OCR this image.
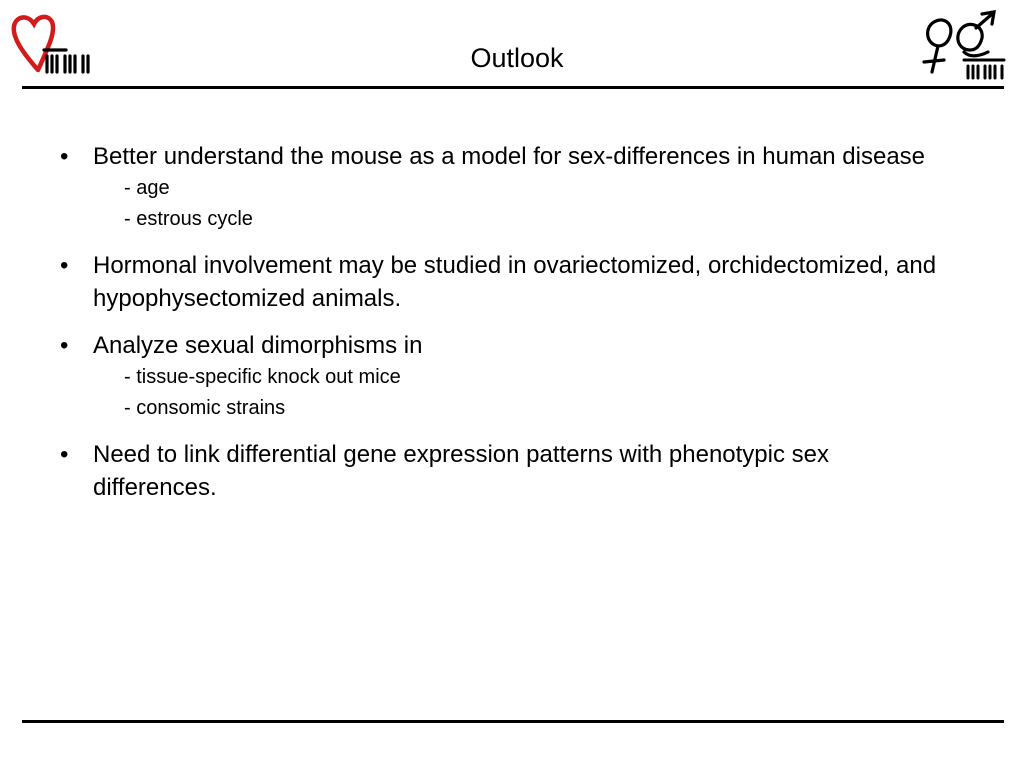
Outlook
• Better understand the mouse as a model for sex-differences in human disease
- age
- estrous cycle
• Hormonal involvement may be studied in ovariectomized, orchidectomized, and hypophysectomized animals.
• Analyze sexual dimorphisms in
- tissue-specific knock out mice
- consomic strains
• Need to link differential gene expression patterns with phenotypic sex differences.
